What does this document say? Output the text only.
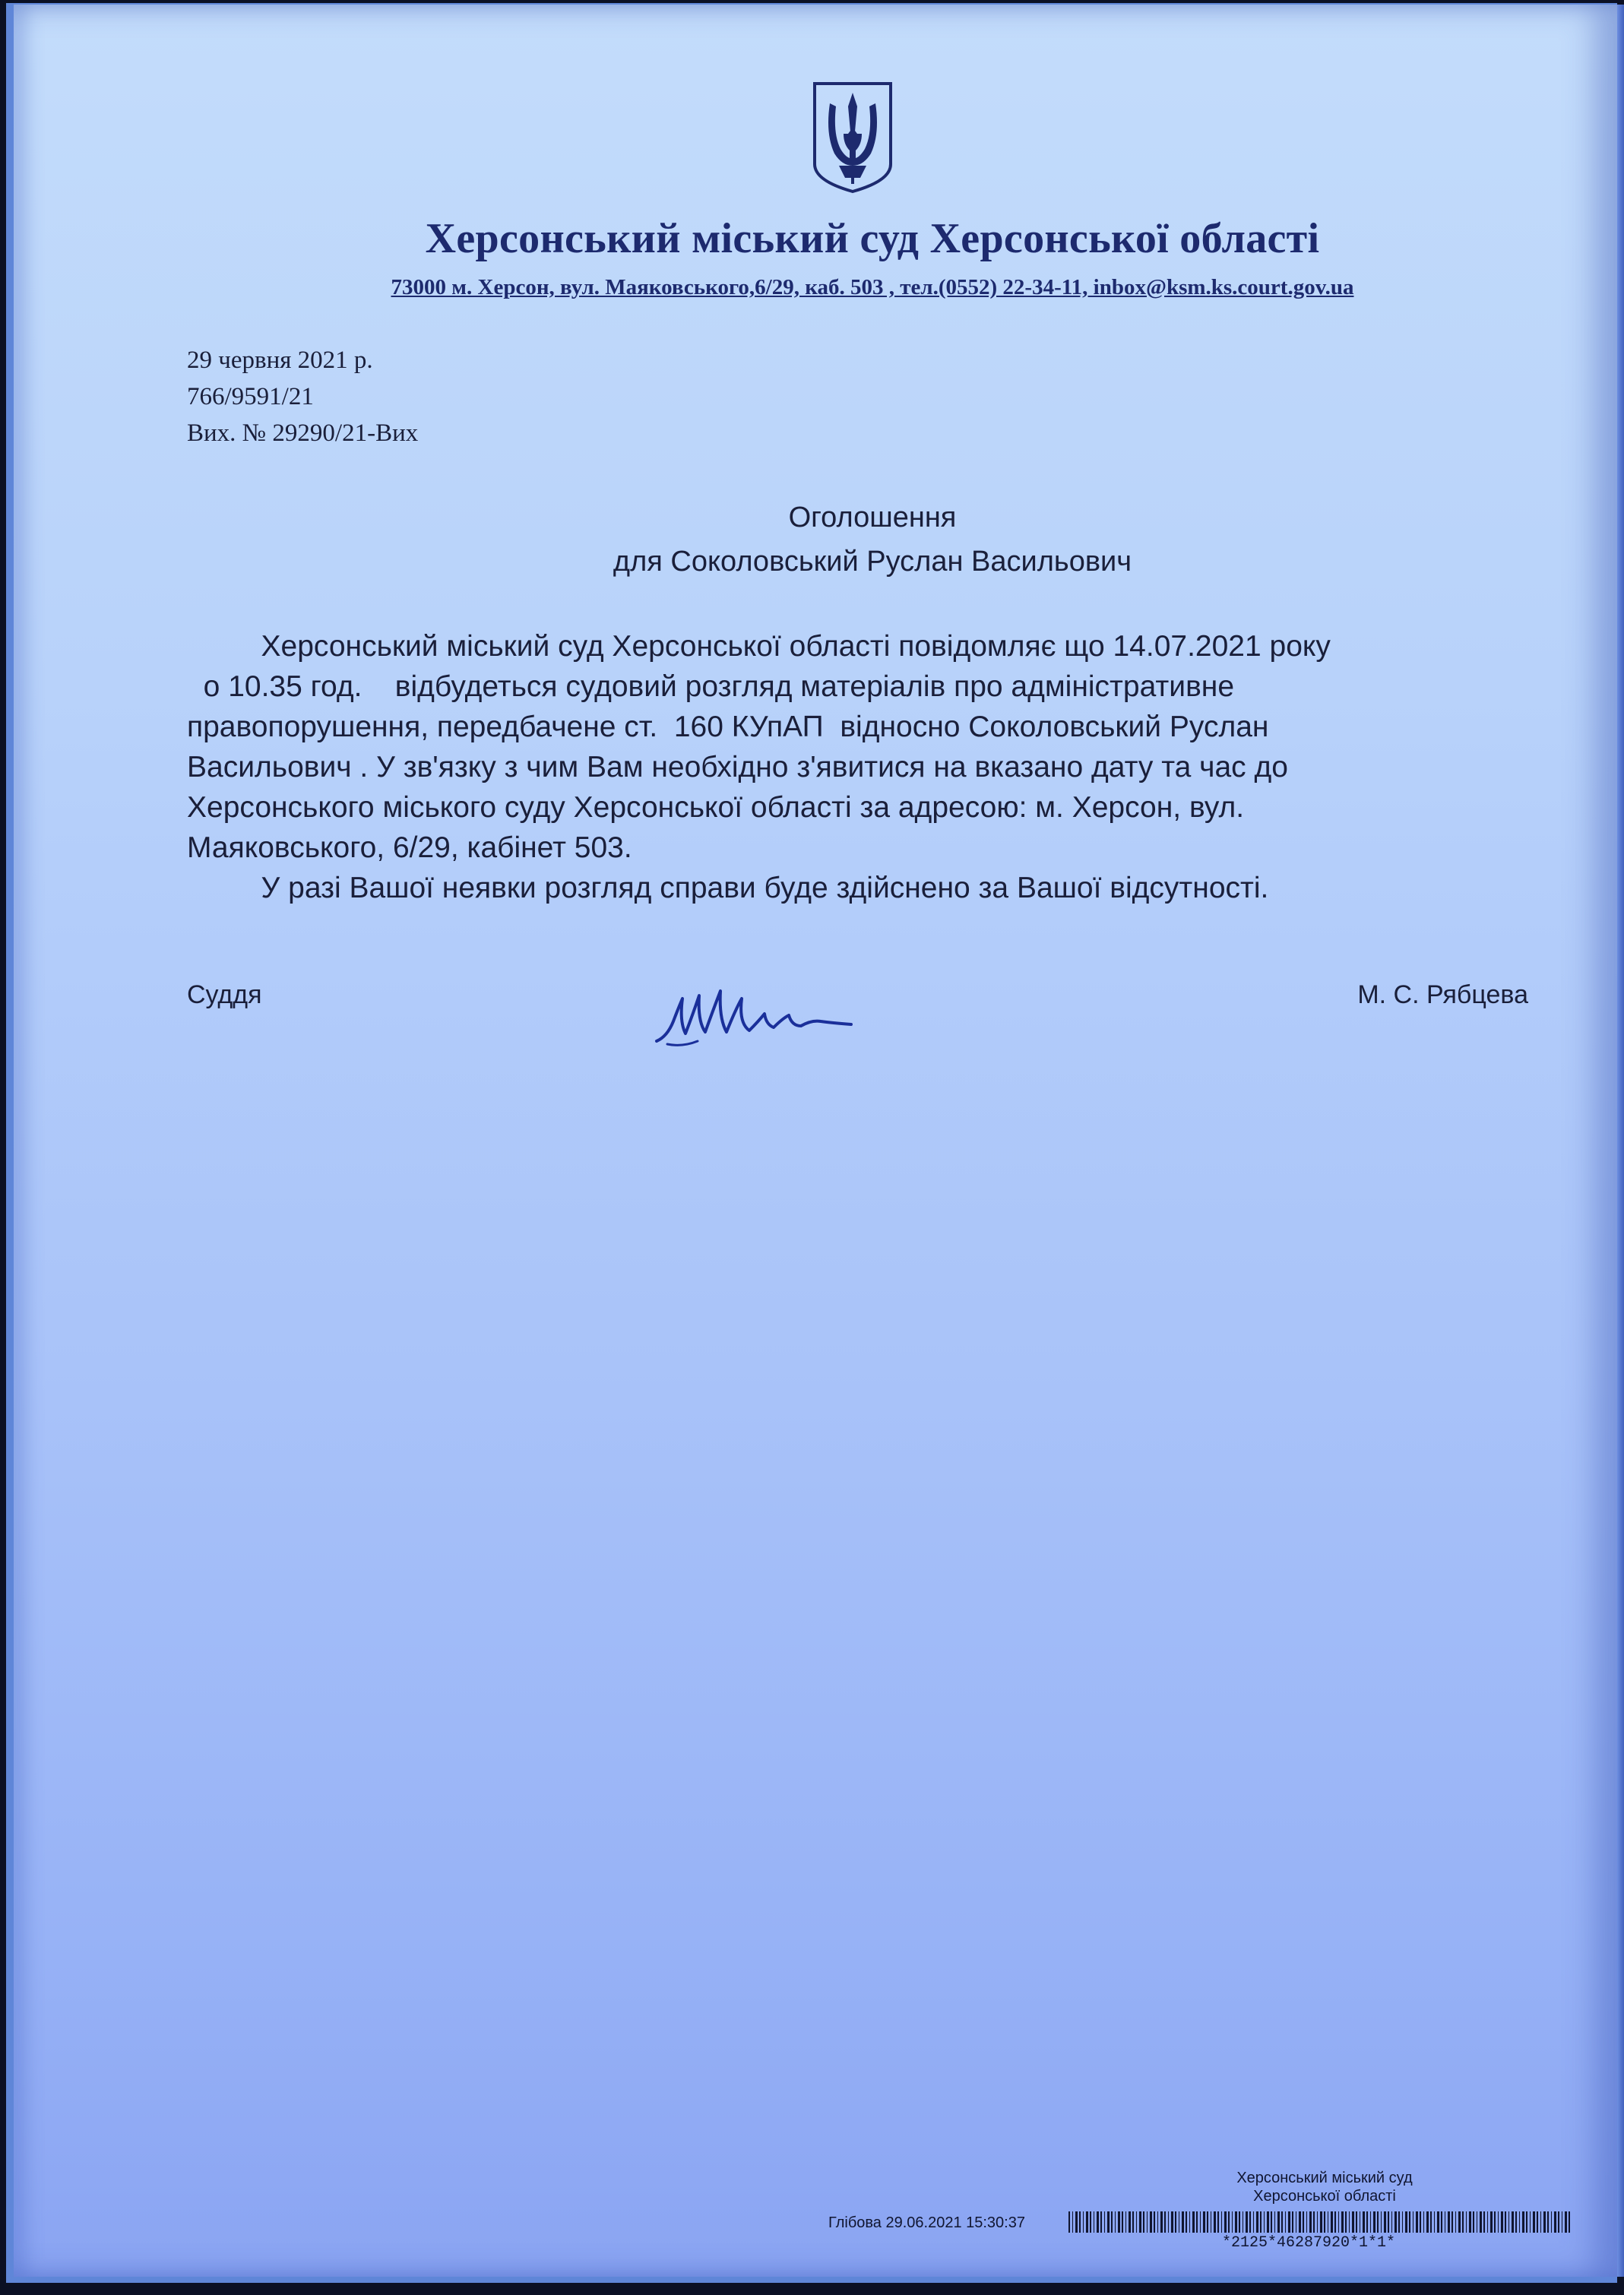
Херсонський міський суд Херсонської області
73000 м. Херсон, вул. Маяковського,6/29, каб. 503 , тел.(0552) 22-34-11, inbox@ksm.ks.court.gov.ua
29 червня 2021 р.
766/9591/21
Вих. № 29290/21-Вих
Оголошення
для Соколовський Руслан Васильович
Херсонський міський суд Херсонської області повідомляє що 14.07.2021 року
о 10.35 год.    відбудеться судовий розгляд матеріалів про адміністративне
правопорушення, передбачене ст.  160 КУпАП  відносно Соколовський Руслан
Васильович . У зв'язку з чим Вам необхідно з'явитися на вказано дату та час до
Херсонського міського суду Херсонської області за адресою: м. Херсон, вул.
Маяковського, 6/29, кабінет 503.
У разі Вашої неявки розгляд справи буде здійснено за Вашої відсутності.
Суддя	М. С. Рябцева
Херсонський міський суд
Херсонської області
Глібова 29.06.2021 15:30:37
*2125*46287920*1*1*
